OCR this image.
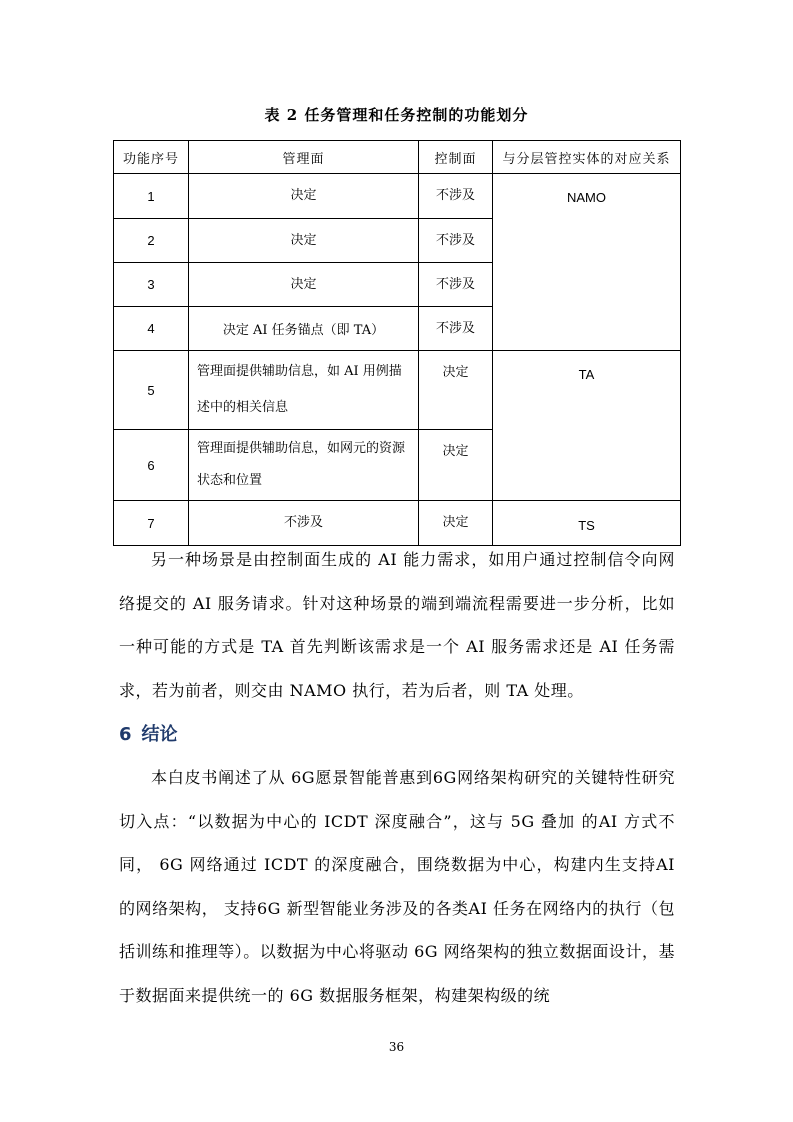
表 2 任务管理和任务控制的功能划分
功能序号	管理面	控制面	与分层管控实体的对应关系
1	决定	不涉及	NAMO
2	决定	不涉及	
3	决定	不涉及	
4	决定 AI 任务锚点（即 TA）	不涉及	
5	管理面提供辅助信息，如 AI 用例描述中的相关信息	决定	TA
6	管理面提供辅助信息，如网元的资源状态和位置	决定	
7	不涉及	决定	TS

另一种场景是由控制面生成的 AI 能力需求，如用户通过控制信令向网络提交的 AI 服务请求。针对这种场景的端到端流程需要进一步分析，比如一种可能的方式是 TA 首先判断该需求是一个 AI 服务需求还是 AI 任务需求，若为前者，则交由 NAMO 执行，若为后者，则 TA 处理。

6 结论

本白皮书阐述了从 6G愿景智能普惠到6G网络架构研究的关键特性研究切入点：“以数据为中心的 ICDT 深度融合”，这与 5G 叠加 的AI 方式不同， 6G 网络通过 ICDT 的深度融合，围绕数据为中心，构建内生支持AI 的网络架构， 支持6G 新型智能业务涉及的各类AI 任务在网络内的执行（包括训练和推理等）。以数据为中心将驱动 6G 网络架构的独立数据面设计，基于数据面来提供统一的 6G 数据服务框架，构建架构级的统

36
